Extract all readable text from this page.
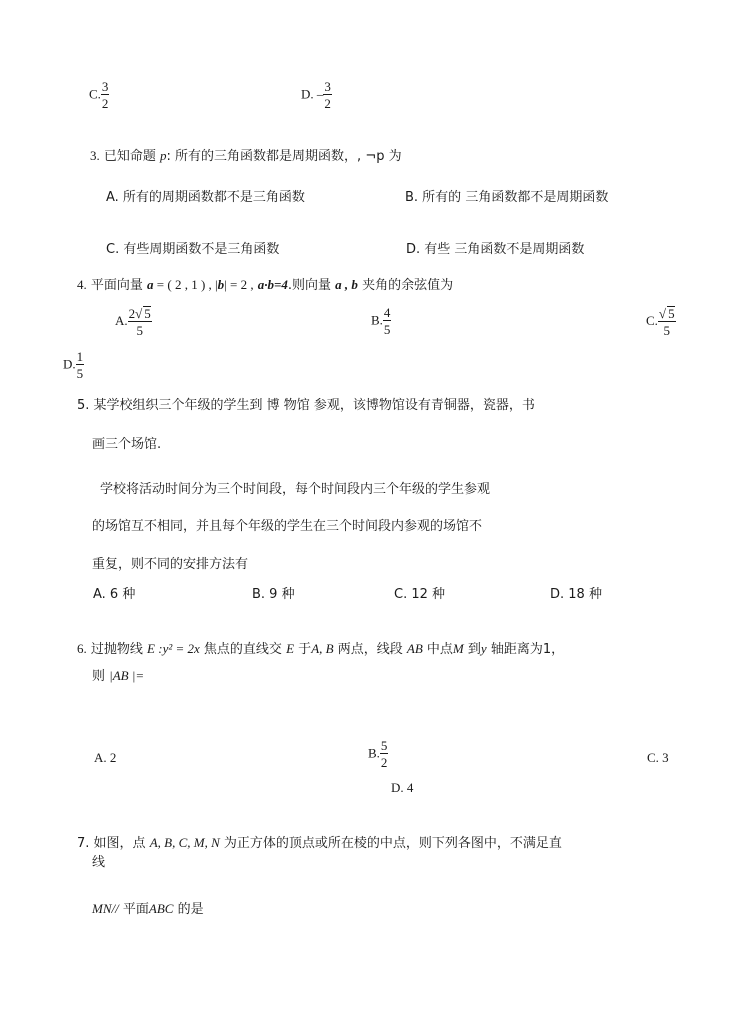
C. $\frac{3}{2}$	D. – $\frac{3}{2}$
3. 已知命题 p: 所有的三角函数都是周期函数，, ¬p 为
A. 所有的周期函数都不是三角函数	B. 所有的 三角函数都不是周期函数
C. 有些周期函数不是三角函数	D. 有些 三角函数不是周期函数
4. 平面向量 a = ( 2 , 1 ) , |b| = 2 , a·b=4.则向量 a , b 夹角的余弦值为
A. $\frac{2√ 5}{5}$	B. $\frac{4}{5}$	C. $\frac{√ 5}{5}$
D. $\frac{1}{5}$
5. 某学校组织三个年级的学生到 博 物馆 参观，该博物馆设有青铜器，瓷器，书
画三个场馆.
学校将活动时间分为三个时间段，每个时间段内三个年级的学生参观
的场馆互不相同，并且每个年级的学生在三个时间段内参观的场馆不
重复，则不同的安排方法有
A. 6 种	B. 9 种	C. 12 种	D. 18 种
6. 过抛物线 E :y² = 2x 焦点的直线交 E 于A, B 两点，线段 AB 中点M 到y 轴距离为1，
则 |AB |=
A. 2	B. $\frac{5}{2}$	C. 3
D. 4
7. 如图，点 A, B, C, M, N 为正方体的顶点或所在棱的中点，则下列各图中，不满足直
线
MN// 平面ABC 的是
